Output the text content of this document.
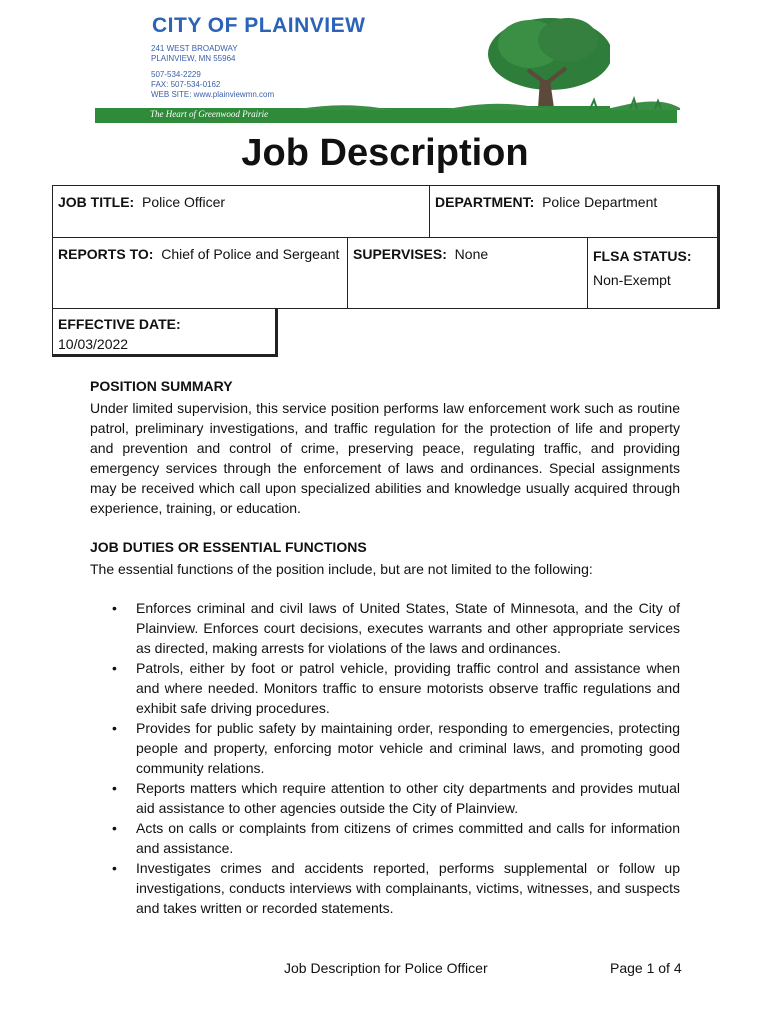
The Heart of Greenwood Prairie
CITY OF PLAINVIEW
241 WEST BROADWAY
PLAINVIEW, MN 55964
507-534-2229
FAX: 507-534-0162
WEB SITE: www.plainviewmn.com
Job Description
JOB TITLE: Police Officer	DEPARTMENT: Police Department
REPORTS TO: Chief of Police and Sergeant SUPERVISES: None	FLSA STATUS:
Non-Exempt
EFFECTIVE DATE:
10/03/2022
POSITION SUMMARY
Under limited supervision, this service position performs law enforcement work such as routine patrol, preliminary investigations, and traffic regulation for the protection of life and property and prevention and control of crime, preserving peace, regulating traffic, and providing emergency services through the enforcement of laws and ordinances. Special assignments may be received which call upon specialized abilities and knowledge usually acquired through experience, training, or education.
JOB DUTIES OR ESSENTIAL FUNCTIONS
The essential functions of the position include, but are not limited to the following:
• Enforces criminal and civil laws of United States, State of Minnesota, and the City of Plainview. Enforces court decisions, executes warrants and other appropriate services as directed, making arrests for violations of the laws and ordinances.
• Patrols, either by foot or patrol vehicle, providing traffic control and assistance when and where needed. Monitors traffic to ensure motorists observe traffic regulations and exhibit safe driving procedures.
• Provides for public safety by maintaining order, responding to emergencies, protecting people and property, enforcing motor vehicle and criminal laws, and promoting good community relations.
• Reports matters which require attention to other city departments and provides mutual aid assistance to other agencies outside the City of Plainview.
• Acts on calls or complaints from citizens of crimes committed and calls for information and assistance.
• Investigates crimes and accidents reported, performs supplemental or follow up investigations, conducts interviews with complainants, victims, witnesses, and suspects and takes written or recorded statements.
Job Description for Police Officer	Page 1 of 4
